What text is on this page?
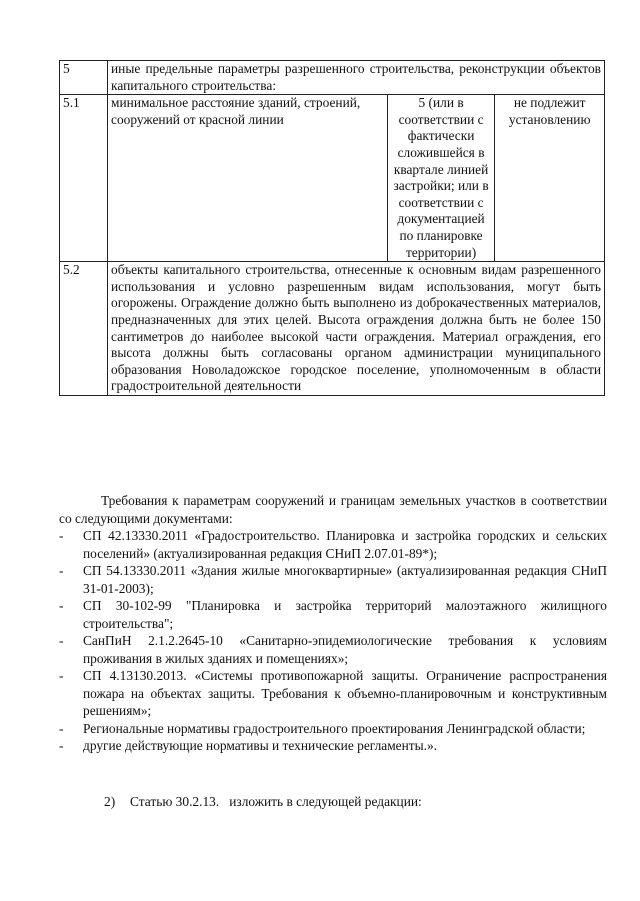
5	иные предельные параметры разрешенного строительства, реконструкции объектов капитального строительства:		
5.1	минимальное расстояние зданий, строений, сооружений от красной линии	5 (или в соответствии с фактически сложившейся в квартале линией застройки; или в соответствии с документацией по планировке территории)	не подлежит установлению
5.2	объекты капитального строительства, отнесенные к основным видам разрешенного использования и условно разрешенным видам использования, могут быть огорожены. Ограждение должно быть выполнено из доброкачественных материалов, предназначенных для этих целей. Высота ограждения должна быть не более 150 сантиметров до наиболее высокой части ограждения. Материал ограждения, его высота должны быть согласованы органом администрации муниципального образования Новоладожское городское поселение, уполномоченным в области градостроительной деятельности		

Требования к параметрам сооружений и границам земельных участков в соответствии со следующими документами:

- СП 42.13330.2011 «Градостроительство. Планировка и застройка городских и сельских поселений» (актуализированная редакция СНиП 2.07.01-89*);
- СП 54.13330.2011 «Здания жилые многоквартирные» (актуализированная редакция СНиП 31-01-2003);
- СП 30-102-99 "Планировка и застройка территорий малоэтажного жилищного строительства";
- СанПиН 2.1.2.2645-10 «Санитарно-эпидемиологические требования к условиям проживания в жилых зданиях и помещениях»;
- СП 4.13130.2013. «Системы противопожарной защиты. Ограничение распространения пожара на объектах защиты. Требования к объемно-планировочным и конструктивным решениям»;
- Региональные нормативы градостроительного проектирования Ленинградской области;
- другие действующие нормативы и технические регламенты.».
2) Статью 30.2.13.   изложить в следующей редакции:
